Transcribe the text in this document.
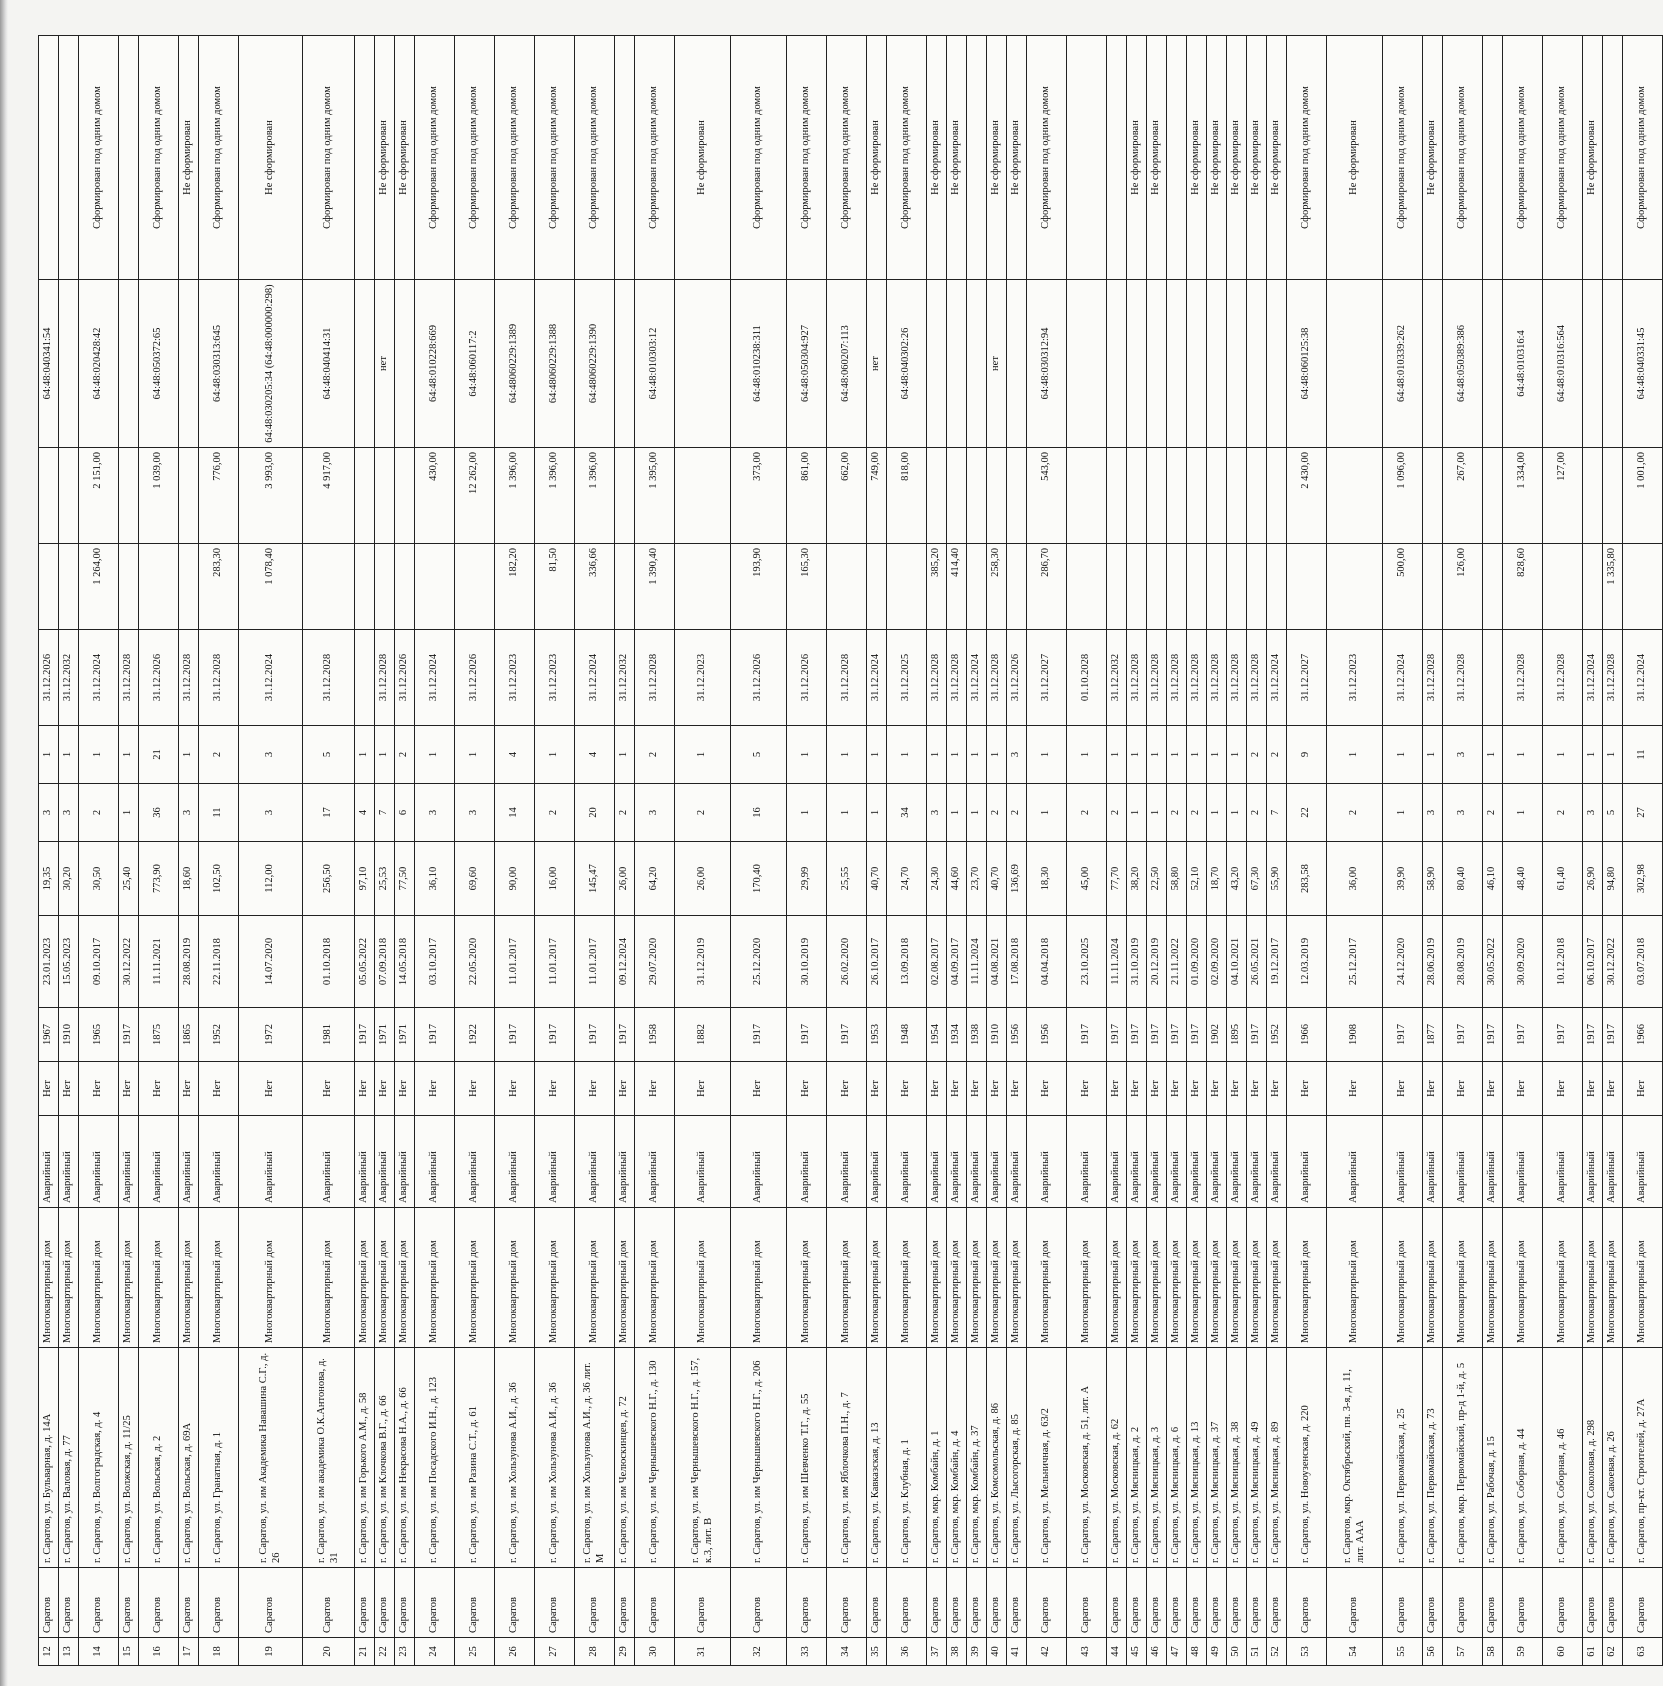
12	Саратов	г. Саратов, ул. Бульварная, д. 14А	Многоквартирный дом	Аварийный	Нет	1967	23.01.2023	19,35	3	1	31.12.2026			64:48:040341:54	
13	Саратов	г. Саратов, ул. Валовая, д. 77	Многоквартирный дом	Аварийный	Нет	1910	15.05.2023	30,20	3	1	31.12.2032				
14	Саратов	г. Саратов, ул. Волгоградская, д. 4	Многоквартирный дом	Аварийный	Нет	1965	09.10.2017	30,50	2	1	31.12.2024	1 264,00	2 151,00	64:48:020428:42	Сформирован под одним домом
15	Саратов	г. Саратов, ул. Волжская, д. 11/25	Многоквартирный дом	Аварийный	Нет	1917	30.12.2022	25,40	1	1	31.12.2028				
16	Саратов	г. Саратов, ул. Вольская, д. 2	Многоквартирный дом	Аварийный	Нет	1875	11.11.2021	773,90	36	21	31.12.2026		1 039,00	64:48:050372:65	Сформирован под одним домом
17	Саратов	г. Саратов, ул. Вольская, д. 69А	Многоквартирный дом	Аварийный	Нет	1865	28.08.2019	18,60	3	1	31.12.2028				Не сформирован
18	Саратов	г. Саратов, ул. Гранатная, д. 1	Многоквартирный дом	Аварийный	Нет	1952	22.11.2018	102,50	11	2	31.12.2028	283,30	776,00	64:48:030313:645	Сформирован под одним домом
19	Саратов	г. Саратов, ул. им Академика Навашина С.Г., д. 26	Многоквартирный дом	Аварийный	Нет	1972	14.07.2020	112,00	3	3	31.12.2024	1 078,40	3 993,00	64:48:030205:34 (64:48:000000:298)	Не сформирован
20	Саратов	г. Саратов, ул. им академика О.К.Антонова, д. 31	Многоквартирный дом	Аварийный	Нет	1981	01.10.2018	256,50	17	5	31.12.2028		4 917,00	64:48:040414:31	Сформирован под одним домом
21	Саратов	г. Саратов, ул. им Горького А.М., д. 58	Многоквартирный дом	Аварийный	Нет	1917	05.05.2022	97,10	4	1					
22	Саратов	г. Саратов, ул. им Клочкова В.Г., д. 66	Многоквартирный дом	Аварийный	Нет	1971	07.09.2018	25,53	7	1	31.12.2028			нет	Не сформирован
23	Саратов	г. Саратов, ул. им Некрасова Н.А., д. 66	Многоквартирный дом	Аварийный	Нет	1971	14.05.2018	77,50	6	2	31.12.2026				Не сформирован
24	Саратов	г. Саратов, ул. им Посадского И.Н., д. 123	Многоквартирный дом	Аварийный	Нет	1917	03.10.2017	36,10	3	1	31.12.2024		430,00	64:48:010228:669	Сформирован под одним домом
25	Саратов	г. Саратов, ул. им Разина С.Т., д. 61	Многоквартирный дом	Аварийный	Нет	1922	22.05.2020	69,60	3	1	31.12.2026		12 262,00	64:48:060117:2	Сформирован под одним домом
26	Саратов	г. Саратов, ул. им Хользунова А.И., д. 36	Многоквартирный дом	Аварийный	Нет	1917	11.01.2017	90,00	14	4	31.12.2023	182,20	1 396,00	64:48060229:1389	Сформирован под одним домом
27	Саратов	г. Саратов, ул. им Хользунова А.И., д. 36	Многоквартирный дом	Аварийный	Нет	1917	11.01.2017	16,00	2	1	31.12.2023	81,50	1 396,00	64:48060229:1388	Сформирован под одним домом
28	Саратов	г. Саратов, ул. им Хользунова А.И., д. 36 лит. М	Многоквартирный дом	Аварийный	Нет	1917	11.01.2017	145,47	20	4	31.12.2024	336,66	1 396,00	64:48060229:1390	Сформирован под одним домом
29	Саратов	г. Саратов, ул. им Челюскинцев, д. 72	Многоквартирный дом	Аварийный	Нет	1917	09.12.2024	26,00	2	1	31.12.2032				
30	Саратов	г. Саратов, ул. им Чернышевского Н.Г., д. 130	Многоквартирный дом	Аварийный	Нет	1958	29.07.2020	64,20	3	2	31.12.2028	1 390,40	1 395,00	64:48:010303:12	Сформирован под одним домом
31	Саратов	г. Саратов, ул. им Чернышевского Н.Г., д. 157, к.3, лит. В	Многоквартирный дом	Аварийный	Нет	1882	31.12.2019	26,00	2	1	31.12.2023				Не сформирован
32	Саратов	г. Саратов, ул. им Чернышевского Н.Г., д. 206	Многоквартирный дом	Аварийный	Нет	1917	25.12.2020	170,40	16	5	31.12.2026	193,90	373,00	64:48:010238:311	Сформирован под одним домом
33	Саратов	г. Саратов, ул. им Шевченко Т.Г., д. 55	Многоквартирный дом	Аварийный	Нет	1917	30.10.2019	29,99	1	1	31.12.2026	165,30	861,00	64:48:050304:927	Сформирован под одним домом
34	Саратов	г. Саратов, ул. им Яблочкова П.Н., д. 7	Многоквартирный дом	Аварийный	Нет	1917	26.02.2020	25,55	1	1	31.12.2028		662,00	64:48:060207:113	Сформирован под одним домом
35	Саратов	г. Саратов, ул. Кавказская, д. 13	Многоквартирный дом	Аварийный	Нет	1953	26.10.2017	40,70	1	1	31.12.2024		749,00	нет	Не сформирован
36	Саратов	г. Саратов, ул. Клубная, д. 1	Многоквартирный дом	Аварийный	Нет	1948	13.09.2018	24,70	34	1	31.12.2025		818,00	64:48:040302:26	Сформирован под одним домом
37	Саратов	г. Саратов, мкр. Комбайн, д. 1	Многоквартирный дом	Аварийный	Нет	1954	02.08.2017	24,30	3	1	31.12.2028	385,20			Не сформирован
38	Саратов	г. Саратов, мкр. Комбайн, д. 4	Многоквартирный дом	Аварийный	Нет	1934	04.09.2017	44,60	1	1	31.12.2028	414,40			Не сформирован
39	Саратов	г. Саратов, мкр. Комбайн, д. 37	Многоквартирный дом	Аварийный	Нет	1938	11.11.2024	23,70	1	1	31.12.2024				
40	Саратов	г. Саратов, ул. Комсомольская, д. 86	Многоквартирный дом	Аварийный	Нет	1910	04.08.2021	40,70	2	1	31.12.2028	258,30		нет	Не сформирован
41	Саратов	г. Саратов, ул. Лысогорская, д. 85	Многоквартирный дом	Аварийный	Нет	1956	17.08.2018	136,69	2	3	31.12.2026				Не сформирован
42	Саратов	г. Саратов, ул. Мельничная, д. 63/2	Многоквартирный дом	Аварийный	Нет	1956	04.04.2018	18,30	1	1	31.12.2027	286,70	543,00	64:48:030312:94	Сформирован под одним домом
43	Саратов	г. Саратов, ул. Московская, д. 51, лит. А	Многоквартирный дом	Аварийный	Нет	1917	23.10.2025	45,00	2	1	01.10.2028				
44	Саратов	г. Саратов, ул. Московская, д. 62	Многоквартирный дом	Аварийный	Нет	1917	11.11.2024	77,70	2	1	31.12.2032				
45	Саратов	г. Саратов, ул. Мясницкая, д. 2	Многоквартирный дом	Аварийный	Нет	1917	31.10.2019	38,20	1	1	31.12.2028				Не сформирован
46	Саратов	г. Саратов, ул. Мясницкая, д. 3	Многоквартирный дом	Аварийный	Нет	1917	20.12.2019	22,50	1	1	31.12.2028				Не сформирован
47	Саратов	г. Саратов, ул. Мясницкая, д. 6	Многоквартирный дом	Аварийный	Нет	1917	21.11.2022	58,80	2	1	31.12.2028				
48	Саратов	г. Саратов, ул. Мясницкая, д. 13	Многоквартирный дом	Аварийный	Нет	1917	01.09.2020	52,10	2	1	31.12.2028				Не сформирован
49	Саратов	г. Саратов, ул. Мясницкая, д. 37	Многоквартирный дом	Аварийный	Нет	1902	02.09.2020	18,70	1	1	31.12.2028				Не сформирован
50	Саратов	г. Саратов, ул. Мясницкая, д. 38	Многоквартирный дом	Аварийный	Нет	1895	04.10.2021	43,20	1	1	31.12.2028				Не сформирован
51	Саратов	г. Саратов, ул. Мясницкая, д. 49	Многоквартирный дом	Аварийный	Нет	1917	26.05.2021	67,30	2	2	31.12.2028				Не сформирован
52	Саратов	г. Саратов, ул. Мясницкая, д. 89	Многоквартирный дом	Аварийный	Нет	1952	19.12.2017	55,90	7	2	31.12.2024				Не сформирован
53	Саратов	г. Саратов, ул. Новоузенская, д. 220	Многоквартирный дом	Аварийный	Нет	1966	12.03.2019	283,58	22	9	31.12.2027		2 430,00	64:48:060125:38	Сформирован под одним домом
54	Саратов	г. Саратов, мкр. Октябрьский, пн. 3-я, д. 11, лит. ААА	Многоквартирный дом	Аварийный	Нет	1908	25.12.2017	36,00	2	1	31.12.2023				Не сформирован
55	Саратов	г. Саратов, ул. Первомайская, д. 25	Многоквартирный дом	Аварийный	Нет	1917	24.12.2020	39,90	1	1	31.12.2024	500,00	1 096,00	64:48:010339:262	Сформирован под одним домом
56	Саратов	г. Саратов, ул. Первомайская, д. 73	Многоквартирный дом	Аварийный	Нет	1877	28.06.2019	58,90	3	1	31.12.2028				Не сформирован
57	Саратов	г. Саратов, мкр. Первомайский, пр-д 1-й, д. 5	Многоквартирный дом	Аварийный	Нет	1917	28.08.2019	80,40	3	3	31.12.2028	126,00	267,00	64:48:050389:386	Сформирован под одним домом
58	Саратов	г. Саратов, ул. Рабочая, д. 15	Многоквартирный дом	Аварийный	Нет	1917	30.05.2022	46,10	2	1					
59	Саратов	г. Саратов, ул. Соборная, д. 44	Многоквартирный дом	Аварийный	Нет	1917	30.09.2020	48,40	1	1	31.12.2028	828,60	1 334,00	64:48:010316:4	Сформирован под одним домом
60	Саратов	г. Саратов, ул. Соборная, д. 46	Многоквартирный дом	Аварийный	Нет	1917	10.12.2018	61,40	2	1	31.12.2028		127,00	64:48:010316:564	Сформирован под одним домом
61	Саратов	г. Саратов, ул. Соколовая, д. 298	Многоквартирный дом	Аварийный	Нет	1917	06.10.2017	26,90	3	1	31.12.2024				Не сформирован
62	Саратов	г. Саратов, ул. Сакоевая, д. 26	Многоквартирный дом	Аварийный	Нет	1917	30.12.2022	94,80	5	1	31.12.2028	1 335,80			
63	Саратов	г. Саратов, пр-кт. Строителей, д. 27А	Многоквартирный дом	Аварийный	Нет	1966	03.07.2018	302,98	27	11	31.12.2024		1 001,00	64:48:040331:45	Сформирован под одним домом
